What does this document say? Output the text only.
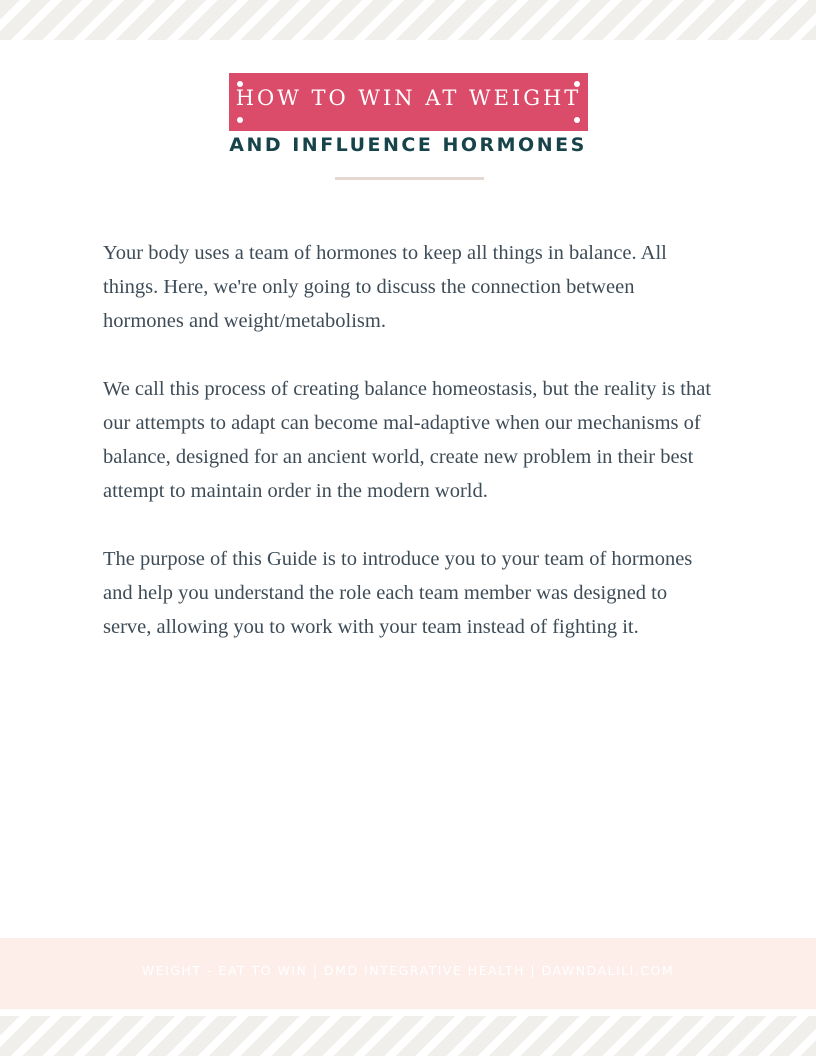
HOW TO WIN AT WEIGHT
AND INFLUENCE HORMONES

Your body uses a team of hormones to keep all things in balance. All things. Here, we're only going to discuss the connection between hormones and weight/metabolism.

We call this process of creating balance homeostasis, but the reality is that our attempts to adapt can become mal-adaptive when our mechanisms of balance, designed for an ancient world, create new problem in their best attempt to maintain order in the modern world.

The purpose of this Guide is to introduce you to your team of hormones and help you understand the role each team member was designed to serve, allowing you to work with your team instead of fighting it.

WEIGHT - EAT TO WIN | DMD INTEGRATIVE HEALTH | DAWNDALILI.COM
